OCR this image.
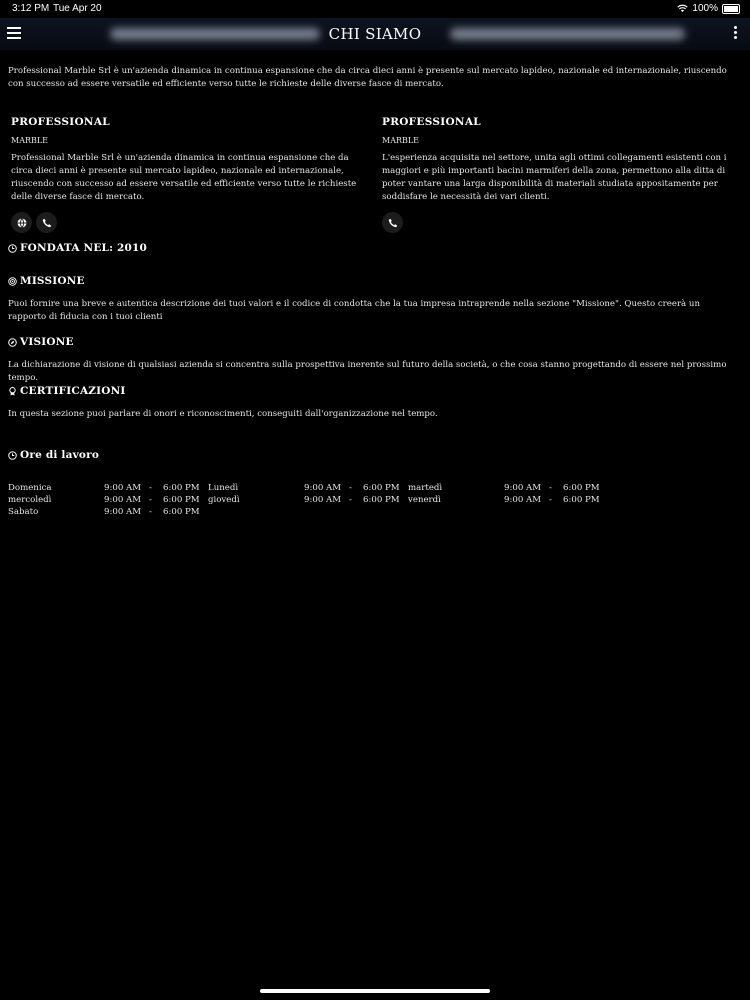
3:12 PM Tue Apr 20	100%
CHI SIAMO
Professional Marble Srl è un'azienda dinamica in continua espansione che da circa dieci anni è presente sul mercato lapideo, nazionale ed internazionale, riuscendo con successo ad essere versatile ed efficiente verso tutte le richieste delle diverse fasce di mercato.
PROFESSIONAL
MARBLE
Professional Marble Srl è un'azienda dinamica in continua espansione che da circa dieci anni è presente sul mercato lapideo, nazionale ed internazionale, riuscendo con successo ad essere versatile ed efficiente verso tutte le richieste delle diverse fasce di mercato.
PROFESSIONAL
MARBLE
L'esperienza acquisita nel settore, unita agli ottimi collegamenti esistenti con i maggiori e più importanti bacini marmiferi della zona, permettono alla ditta di poter vantare una larga disponibilità di materiali studiata appositamente per soddisfare le necessità dei vari clienti.
FONDATA NEL: 2010
MISSIONE
Puoi fornire una breve e autentica descrizione dei tuoi valori e il codice di condotta che la tua impresa intraprende nella sezione "Missione". Questo creerà un rapporto di fiducia con i tuoi clienti
VISIONE
La dichiarazione di visione di qualsiasi azienda si concentra sulla prospettiva inerente sul futuro della società, o che cosa stanno progettando di essere nel prossimo tempo.
CERTIFICAZIONI
In questa sezione puoi parlare di onori e riconoscimenti, conseguiti dall'organizzazione nel tempo.
Ore di lavoro
Domenica	9:00 AM - 6:00 PM Lunedì	9:00 AM - 6:00 PM martedì	9:00 AM - 6:00 PM
mercoledì	9:00 AM - 6:00 PM giovedì	9:00 AM - 6:00 PM venerdì	9:00 AM - 6:00 PM
Sabato	9:00 AM - 6:00 PM
